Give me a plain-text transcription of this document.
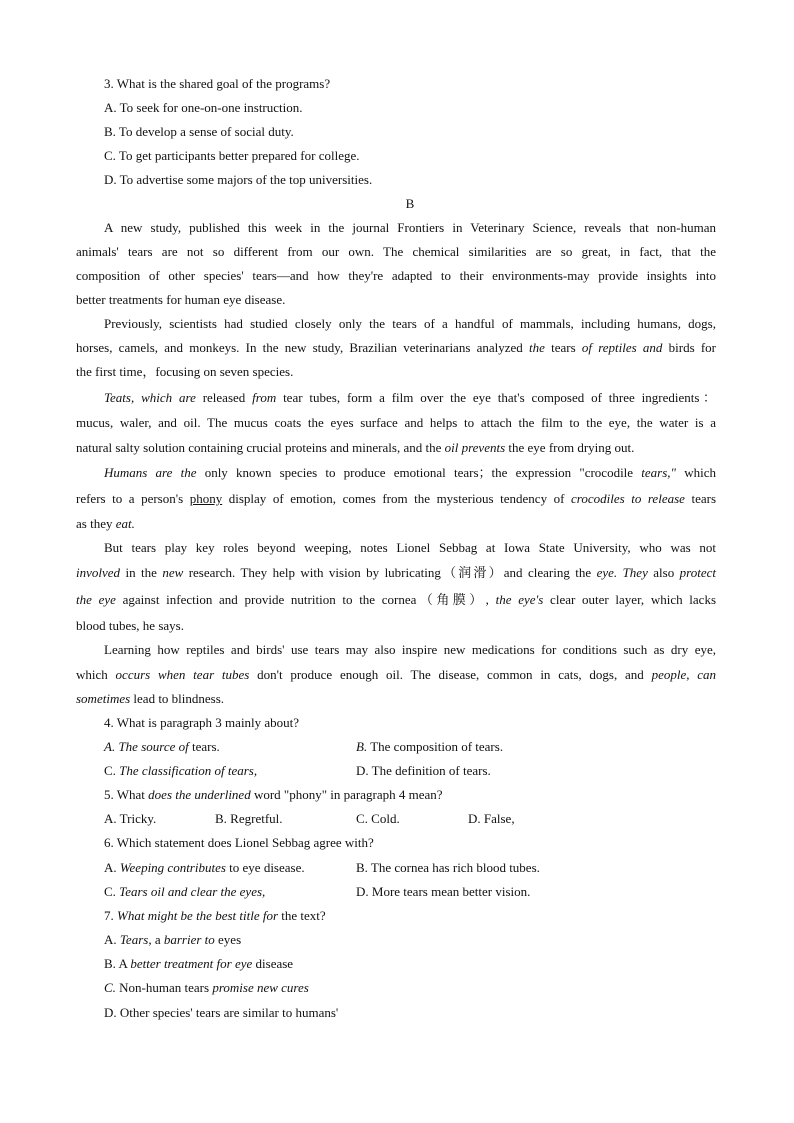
3. What is the shared goal of the programs?
A. To seek for one-on-one instruction.
B. To develop a sense of social duty.
C. To get participants better prepared for college.
D. To advertise some majors of the top universities.
B
A new study, published this week in the journal Frontiers in Veterinary Science, reveals that non-human
animals' tears are not so different from our own. The chemical similarities are so great, in fact, that the
composition of other species' tears—and how they're adapted to their environments-may provide insights into
better treatments for human eye disease.
Previously, scientists had studied closely only the tears of a handful of mammals, including humans, dogs,
horses, camels, and monkeys. In the new study, Brazilian veterinarians analyzed the tears of reptiles and birds for
the first time，focusing on seven species.
Teats, which are released from tear tubes, form a film over the eye that's composed of three ingredients：
mucus, waler, and oil. The mucus coats the eyes surface and helps to attach the film to the eye, the water is a
natural salty solution containing crucial proteins and minerals, and the oil prevents the eye from drying out.
Humans are the only known species to produce emotional tears；the expression "crocodile tears," which
refers to a person's phony display of emotion, comes from the mysterious tendency of crocodiles to release tears
as they eat.
But tears play key roles beyond weeping, notes Lionel Sebbag at Iowa State University, who was not
involved in the new research. They help with vision by lubricating（润滑）and clearing the eye. They also protect
the eye against infection and provide nutrition to the cornea（角膜）, the eye's clear outer layer, which lacks
blood tubes, he says.
Learning how reptiles and birds' use tears may also inspire new medications for conditions such as dry eye,
which occurs when tear tubes don't produce enough oil. The disease, common in cats, dogs, and people, can
sometimes lead to blindness.
4. What is paragraph 3 mainly about?
A. The source of tears.	B. The composition of tears.
C. The classification of tears,	D. The definition of tears.
5. What does the underlined word "phony" in paragraph 4 mean?
A. Tricky.	B. Regretful.	C. Cold.	D. False,
6. Which statement does Lionel Sebbag agree with?
A. Weeping contributes to eye disease.	B. The cornea has rich blood tubes.
C. Tears oil and clear the eyes,	D. More tears mean better vision.
7. What might be the best title for the text?
A. Tears, a barrier to eyes
B. A better treatment for eye disease
C. Non-human tears promise new cures
D. Other species' tears are similar to humans'
